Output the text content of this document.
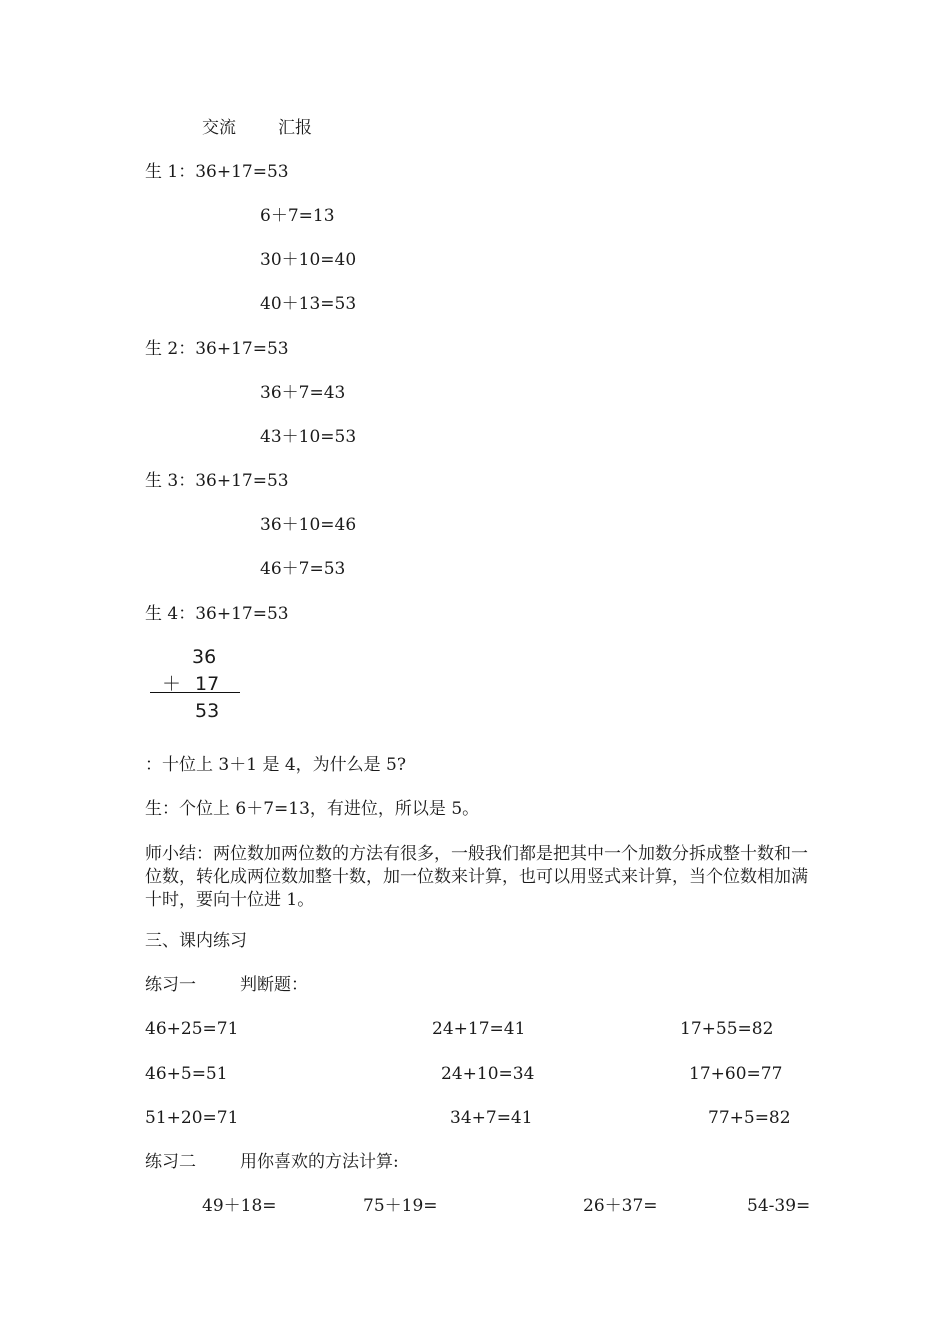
交流 汇报
生 1：36+17=53
6＋7=13
30＋10=40
40＋13=53
生 2：36+17=53
36＋7=43
43＋10=53
生 3：36+17=53
36＋10=46
46＋7=53
生 4：36+17=53
36
＋ 17
53
：十位上 3＋1 是 4，为什么是 5?
生：个位上 6＋7=13，有进位，所以是 5。
师小结：两位数加两位数的方法有很多，一般我们都是把其中一个加数分拆成整十数和一位数，转化成两位数加整十数，加一位数来计算，也可以用竖式来计算，当个位数相加满十时，要向十位进 1。
三、课内练习
练习一	判断题：
46+25=71	24+17=41	17+55=82
46+5=51	24+10=34	17+60=77
51+20=71	34+7=41	77+5=82
练习二	用你喜欢的方法计算:
49＋18=	75＋19=	26＋37=	54-39=
